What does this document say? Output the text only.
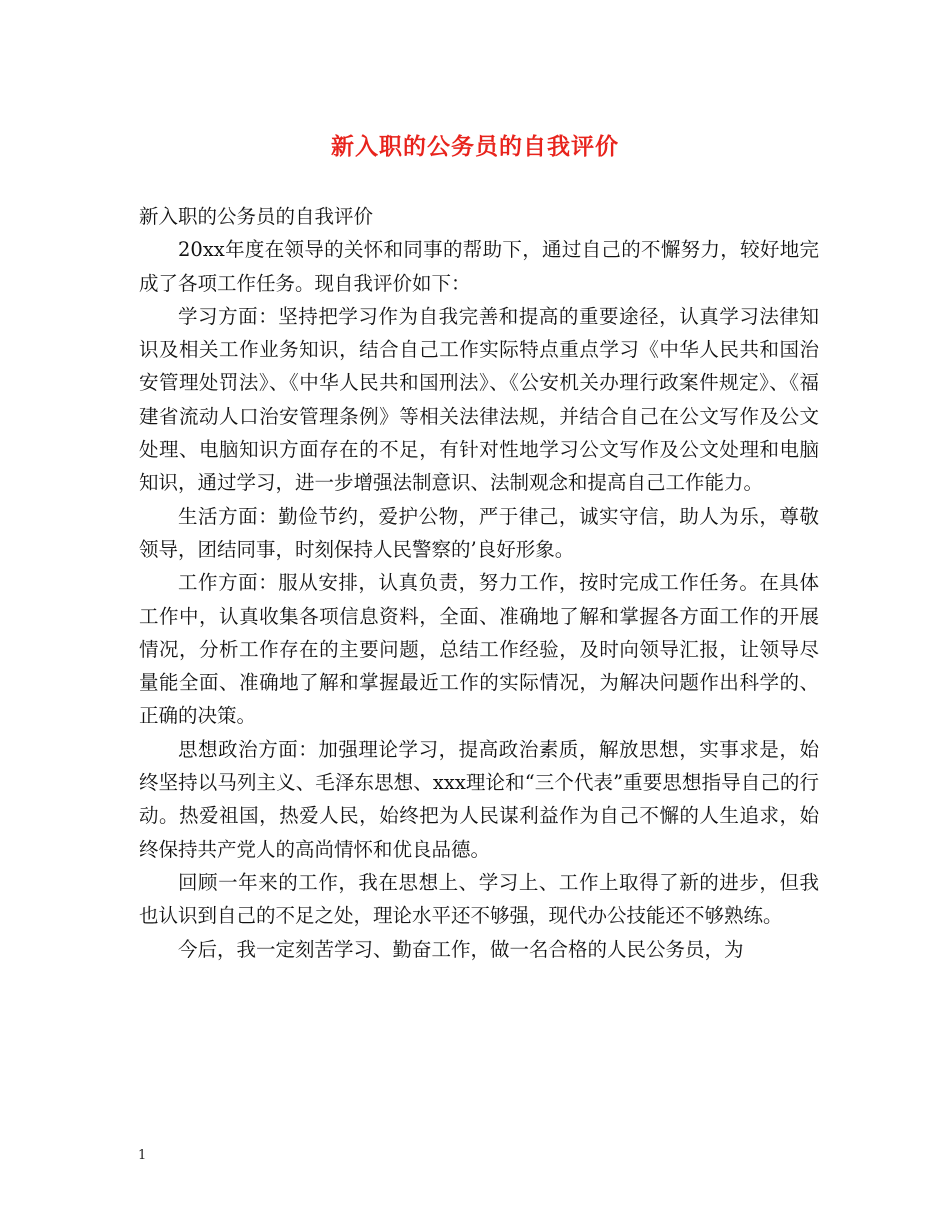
新入职的公务员的自我评价

新入职的公务员的自我评价

20xx年度在领导的关怀和同事的帮助下，通过自己的不懈努力，较好地完成了各项工作任务。现自我评价如下：

学习方面：坚持把学习作为自我完善和提高的重要途径，认真学习法律知识及相关工作业务知识，结合自己工作实际特点重点学习《中华人民共和国治安管理处罚法》、《中华人民共和国刑法》、《公安机关办理行政案件规定》、《福建省流动人口治安管理条例》等相关法律法规，并结合自己在公文写作及公文处理、电脑知识方面存在的不足，有针对性地学习公文写作及公文处理和电脑知识，通过学习，进一步增强法制意识、法制观念和提高自己工作能力。

生活方面：勤俭节约，爱护公物，严于律己，诚实守信，助人为乐，尊敬领导，团结同事，时刻保持人民警察的’良好形象。

工作方面：服从安排，认真负责，努力工作，按时完成工作任务。在具体工作中，认真收集各项信息资料，全面、准确地了解和掌握各方面工作的开展情况，分析工作存在的主要问题，总结工作经验，及时向领导汇报，让领导尽量能全面、准确地了解和掌握最近工作的实际情况，为解决问题作出科学的、正确的决策。

思想政治方面：加强理论学习，提高政治素质，解放思想，实事求是，始终坚持以马列主义、毛泽东思想、xxx理论和“三个代表”重要思想指导自己的行动。热爱祖国，热爱人民，始终把为人民谋利益作为自己不懈的人生追求，始终保持共产党人的高尚情怀和优良品德。

回顾一年来的工作，我在思想上、学习上、工作上取得了新的进步，但我也认识到自己的不足之处，理论水平还不够强，现代办公技能还不够熟练。

今后，我一定刻苦学习、勤奋工作，做一名合格的人民公务员，为

1
